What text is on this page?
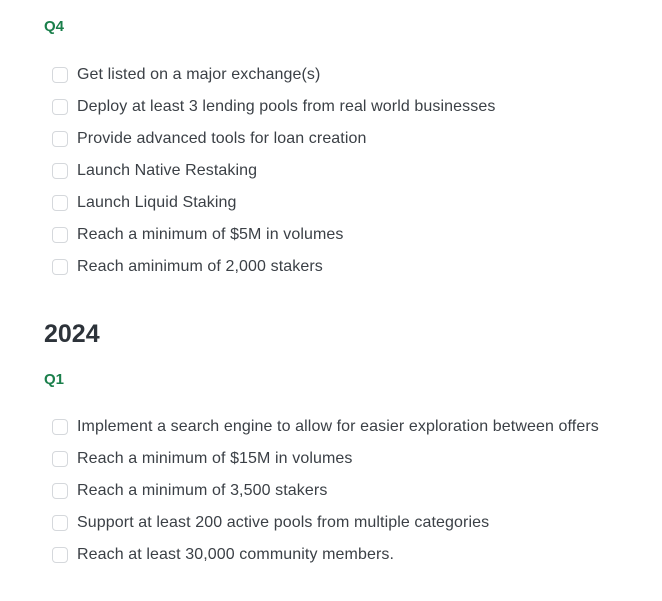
Q4
Get listed on a major exchange(s)
Deploy at least 3 lending pools from real world businesses
Provide advanced tools for loan creation
Launch Native Restaking
Launch Liquid Staking
Reach a minimum of $5M in volumes
Reach aminimum of 2,000 stakers
2024
Q1
Implement a search engine to allow for easier exploration between offers
Reach a minimum of $15M in volumes
Reach a minimum of 3,500 stakers
Support at least 200 active pools from multiple categories
Reach at least 30,000 community members.
